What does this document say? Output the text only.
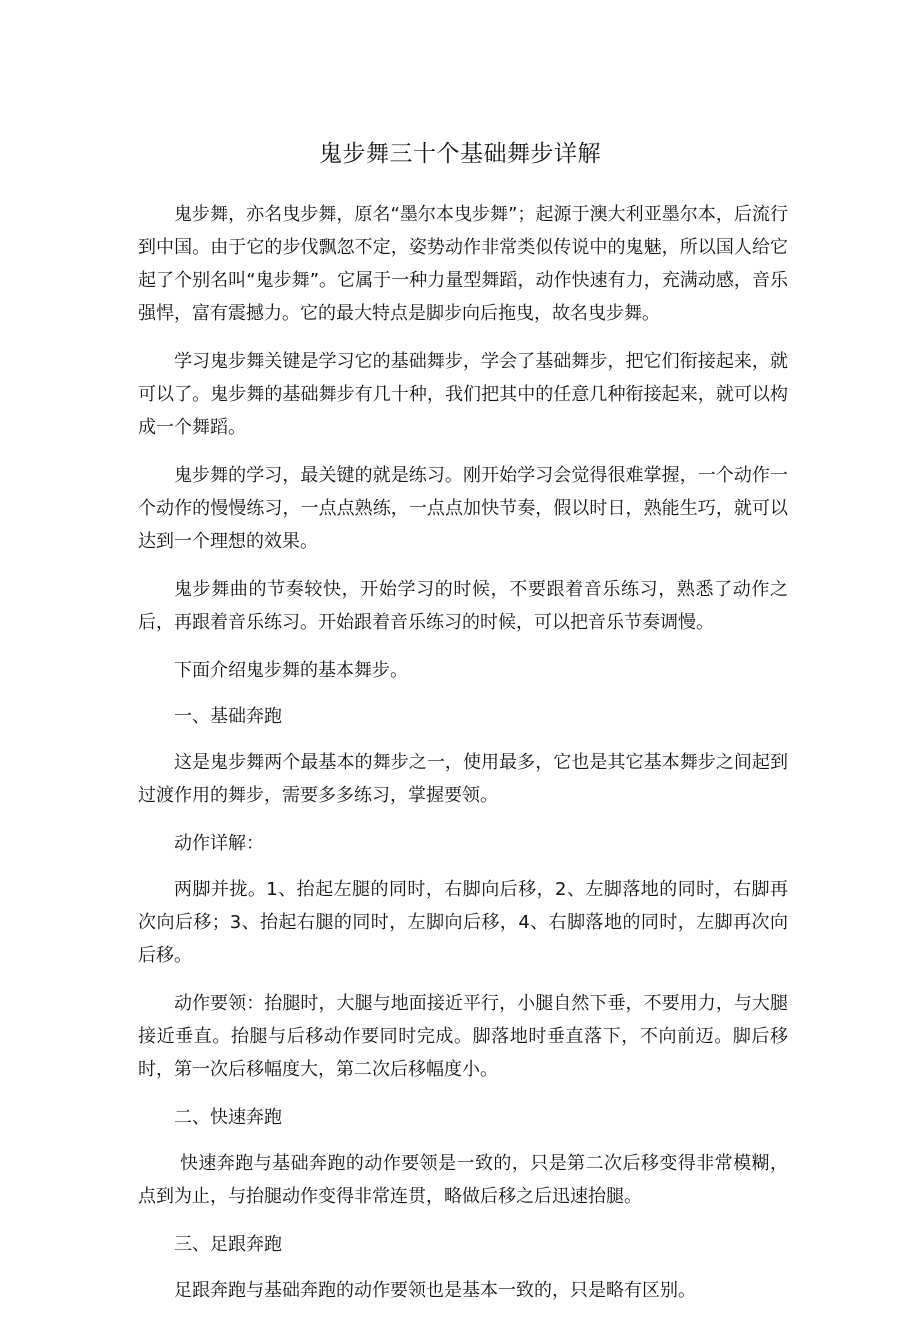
鬼步舞三十个基础舞步详解

鬼步舞，亦名曳步舞，原名“墨尔本曳步舞”；起源于澳大利亚墨尔本，后流行到中国。由于它的步伐飘忽不定，姿势动作非常类似传说中的鬼魅，所以国人给它起了个别名叫“鬼步舞”。它属于一种力量型舞蹈，动作快速有力，充满动感，音乐强悍，富有震撼力。它的最大特点是脚步向后拖曳，故名曳步舞。

学习鬼步舞关键是学习它的基础舞步，学会了基础舞步，把它们衔接起来，就可以了。鬼步舞的基础舞步有几十种，我们把其中的任意几种衔接起来，就可以构成一个舞蹈。

鬼步舞的学习，最关键的就是练习。刚开始学习会觉得很难掌握，一个动作一个动作的慢慢练习，一点点熟练，一点点加快节奏，假以时日，熟能生巧，就可以达到一个理想的效果。

鬼步舞曲的节奏较快，开始学习的时候，不要跟着音乐练习，熟悉了动作之后，再跟着音乐练习。开始跟着音乐练习的时候，可以把音乐节奏调慢。

下面介绍鬼步舞的基本舞步。

一、基础奔跑

这是鬼步舞两个最基本的舞步之一，使用最多，它也是其它基本舞步之间起到过渡作用的舞步，需要多多练习，掌握要领。

动作详解：

两脚并拢。1、抬起左腿的同时，右脚向后移，2、左脚落地的同时，右脚再次向后移；3、抬起右腿的同时，左脚向后移，4、右脚落地的同时，左脚再次向后移。

动作要领：抬腿时，大腿与地面接近平行，小腿自然下垂，不要用力，与大腿接近垂直。抬腿与后移动作要同时完成。脚落地时垂直落下，不向前迈。脚后移时，第一次后移幅度大，第二次后移幅度小。

二、快速奔跑

快速奔跑与基础奔跑的动作要领是一致的，只是第二次后移变得非常模糊，点到为止，与抬腿动作变得非常连贯，略做后移之后迅速抬腿。

三、足跟奔跑

足跟奔跑与基础奔跑的动作要领也是基本一致的，只是略有区别。
